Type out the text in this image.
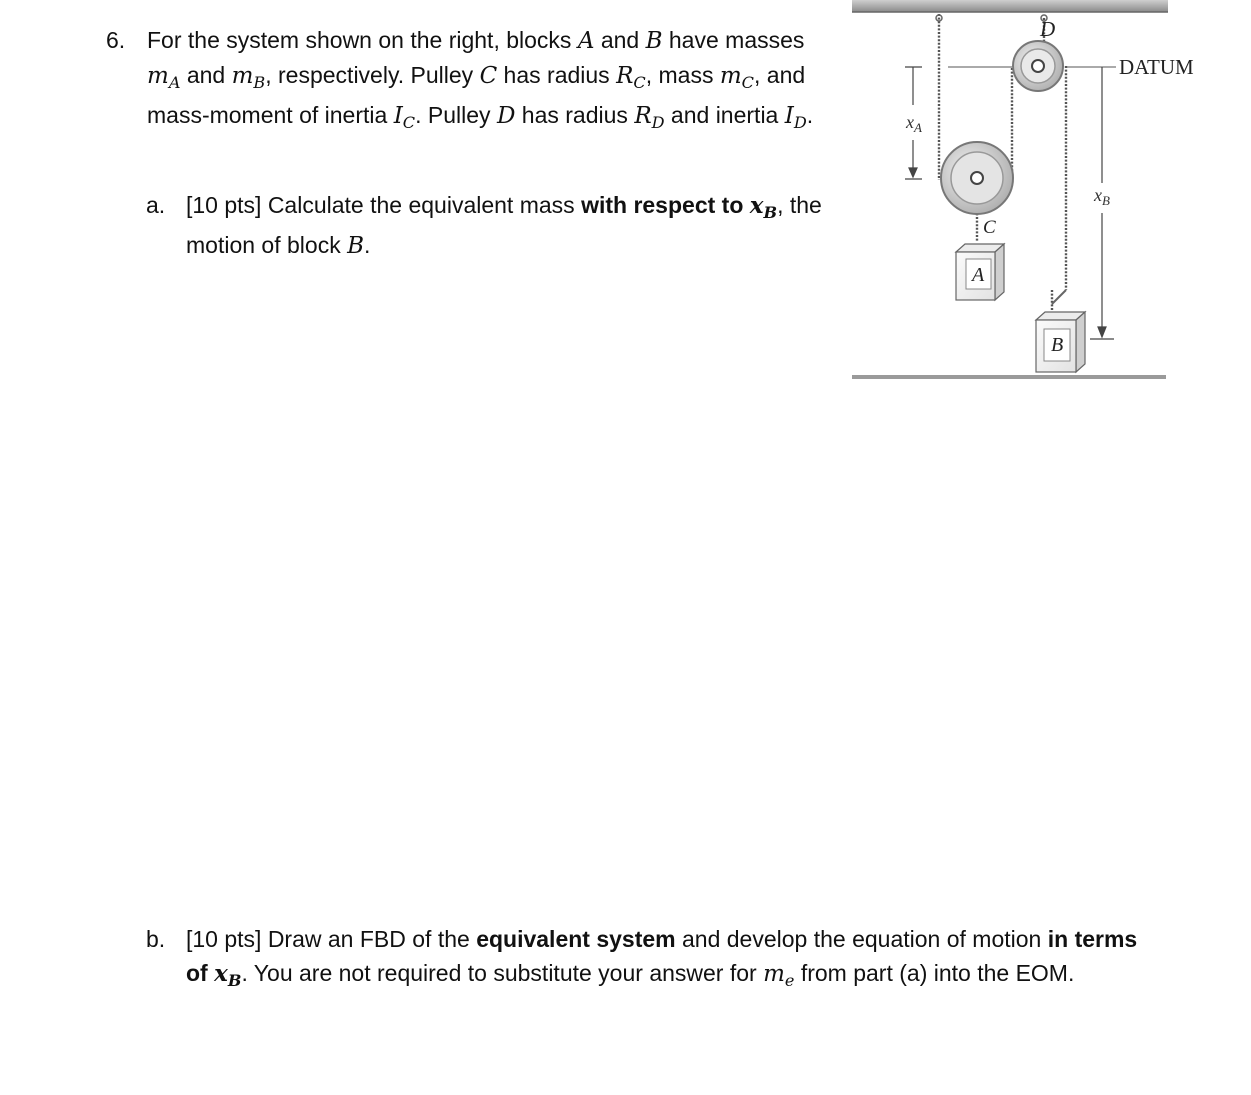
6. For the system shown on the right, blocks A and B have masses $m_A$ and $m_B$, respectively. Pulley C has radius $R_C$, mass $m_C$, and mass-moment of inertia $I_C$. Pulley D has radius $R_D$ and inertia $I_D$.
a. [10 pts] Calculate the equivalent mass with respect to $x_B$, the motion of block B.
b. [10 pts] Draw an FBD of the equivalent system and develop the equation of motion in terms of $x_B$. You are not required to substitute your answer for $m_e$ from part (a) into the EOM.
DATUM
$x_A$
$x_B$
D
C
A
B
